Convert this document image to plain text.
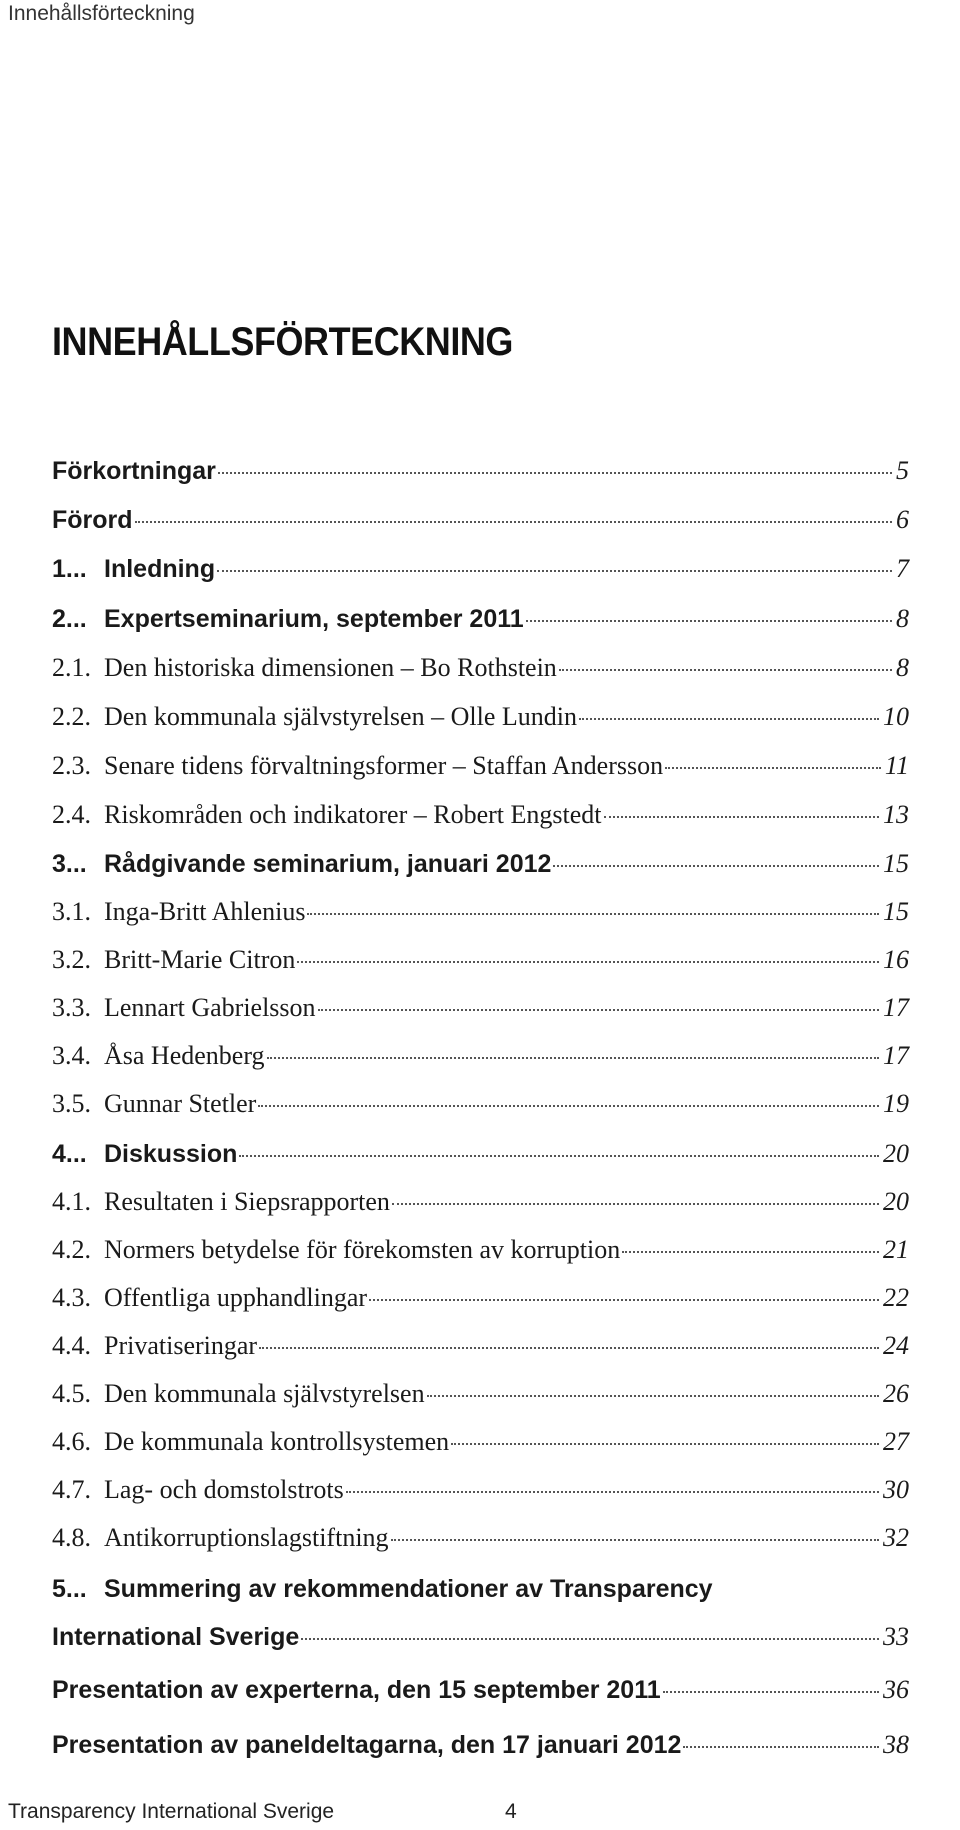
Innehållsförteckning
INNEHÅLLSFÖRTECKNING
Förkortningar	5
Förord	6
1... Inledning	7
2... Expertseminarium, september 2011	8
2.1. Den historiska dimensionen – Bo Rothstein	8
2.2. Den kommunala självstyrelsen – Olle Lundin	10
2.3. Senare tidens förvaltningsformer – Staffan Andersson	11
2.4. Riskområden och indikatorer – Robert Engstedt	13
3... Rådgivande seminarium, januari 2012	15
3.1. Inga-Britt Ahlenius	15
3.2. Britt-Marie Citron	16
3.3. Lennart Gabrielsson	17
3.4. Åsa Hedenberg	17
3.5. Gunnar Stetler	19
4... Diskussion	20
4.1. Resultaten i Siepsrapporten	20
4.2. Normers betydelse för förekomsten av korruption	21
4.3. Offentliga upphandlingar	22
4.4. Privatiseringar	24
4.5. Den kommunala självstyrelsen	26
4.6. De kommunala kontrollsystemen	27
4.7. Lag- och domstolstrots	30
4.8. Antikorruptionslagstiftning	32
5... Summering av rekommendationer av Transparency
International Sverige	33
Presentation av experterna, den 15 september 2011	36
Presentation av paneldeltagarna, den 17 januari 2012	38
Transparency International Sverige	4
